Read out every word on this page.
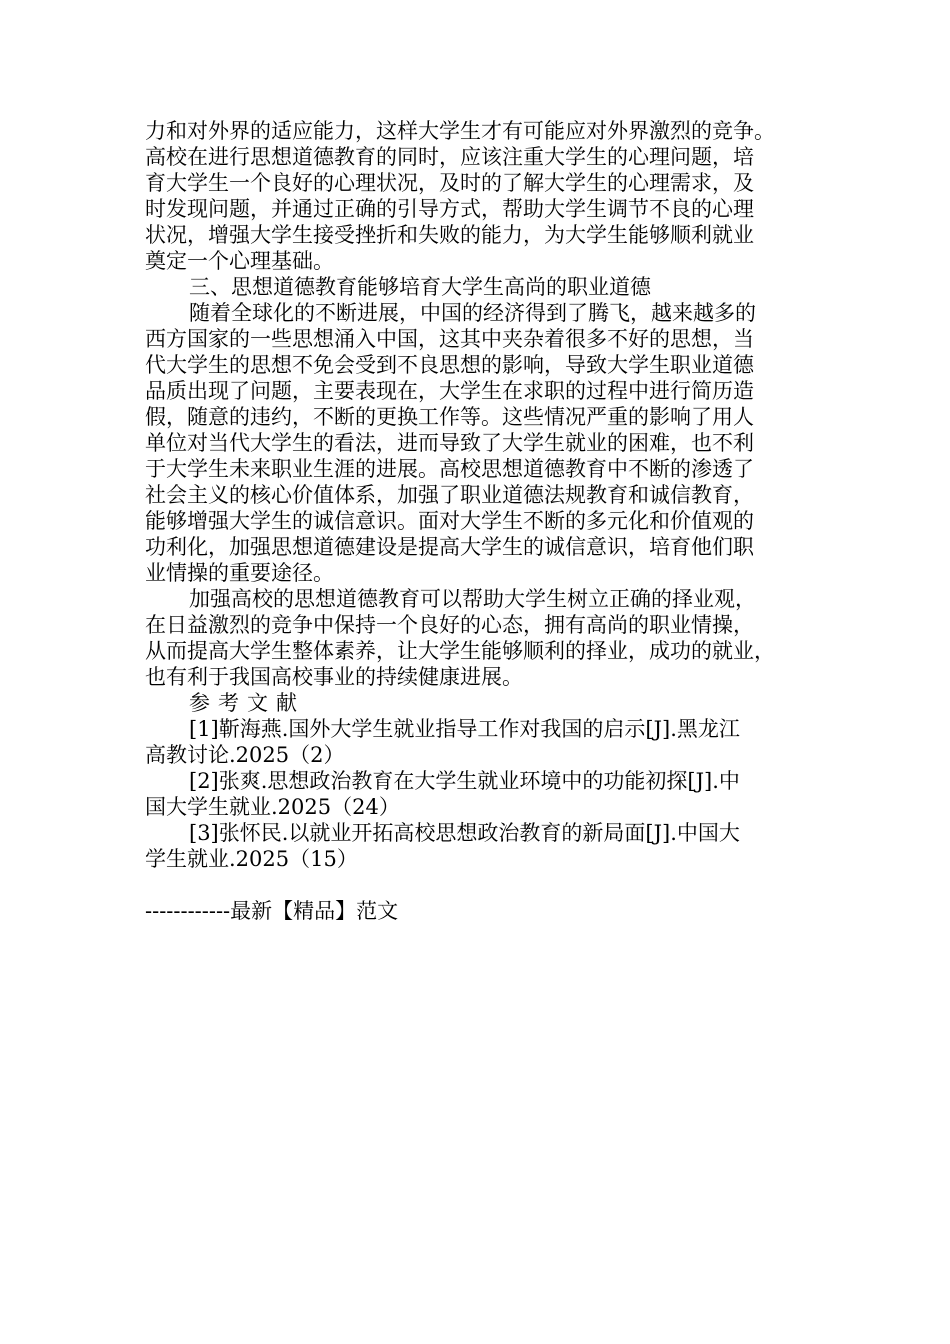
力和对外界的适应能力，这样大学生才有可能应对外界激烈的竞争。
高校在进行思想道德教育的同时，应该注重大学生的心理问题，培
育大学生一个良好的心理状况，及时的了解大学生的心理需求，及
时发现问题，并通过正确的引导方式，帮助大学生调节不良的心理
状况，增强大学生接受挫折和失败的能力，为大学生能够顺利就业
奠定一个心理基础。
三、思想道德教育能够培育大学生高尚的职业道德
随着全球化的不断进展，中国的经济得到了腾飞，越来越多的
西方国家的一些思想涌入中国，这其中夹杂着很多不好的思想，当
代大学生的思想不免会受到不良思想的影响，导致大学生职业道德
品质出现了问题，主要表现在，大学生在求职的过程中进行简历造
假，随意的违约，不断的更换工作等。这些情况严重的影响了用人
单位对当代大学生的看法，进而导致了大学生就业的困难，也不利
于大学生未来职业生涯的进展。高校思想道德教育中不断的渗透了
社会主义的核心价值体系，加强了职业道德法规教育和诚信教育，
能够增强大学生的诚信意识。面对大学生不断的多元化和价值观的
功利化，加强思想道德建设是提高大学生的诚信意识，培育他们职
业情操的重要途径。
加强高校的思想道德教育可以帮助大学生树立正确的择业观，
在日益激烈的竞争中保持一个良好的心态，拥有高尚的职业情操，
从而提高大学生整体素养，让大学生能够顺利的择业，成功的就业，
也有利于我国高校事业的持续健康进展。
参考文献
[1]靳海燕.国外大学生就业指导工作对我国的启示[J].黑龙江
高教讨论.2025（2）
[2]张爽.思想政治教育在大学生就业环境中的功能初探[J].中
国大学生就业.2025（24）
[3]张怀民.以就业开拓高校思想政治教育的新局面[J].中国大
学生就业.2025（15）
------------最新【精品】范文
